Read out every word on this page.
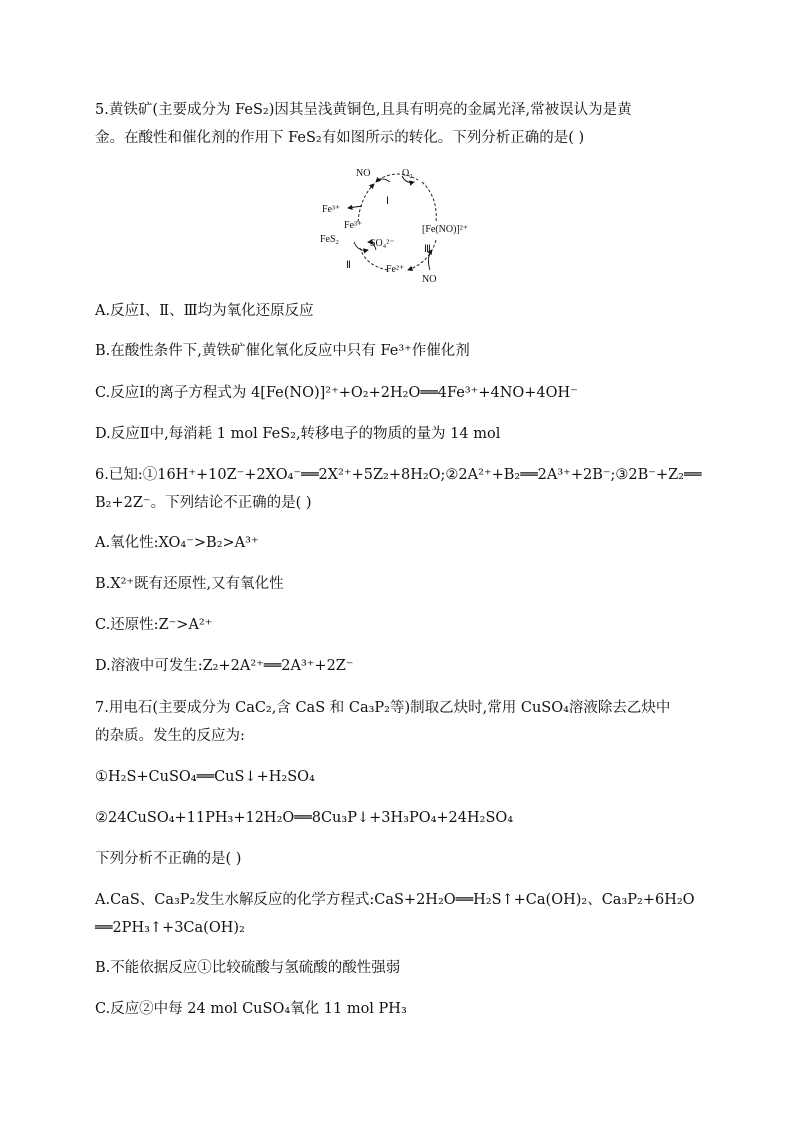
5.黄铁矿(主要成分为 FeS₂)因其呈浅黄铜色,且具有明亮的金属光泽,常被误认为是黄
金。在酸性和催化剂的作用下 FeS₂有如图所示的转化。下列分析正确的是( )
NO	O₂
Fe³⁺
Fe³⁺
Ⅰ
[Fe(NO)]²⁺
Ⅲ
FeS₂	SO₄²⁻
Ⅱ	Fe²⁺
NO
A.反应Ⅰ、Ⅱ、Ⅲ均为氧化还原反应
B.在酸性条件下,黄铁矿催化氧化反应中只有 Fe³⁺作催化剂
C.反应Ⅰ的离子方程式为 4[Fe(NO)]²⁺+O₂+2H₂O══4Fe³⁺+4NO+4OH⁻
D.反应Ⅱ中,每消耗 1 mol FeS₂,转移电子的物质的量为 14 mol
6.已知:①16H⁺+10Z⁻+2XO₄⁻══2X²⁺+5Z₂+8H₂O;②2A²⁺+B₂══2A³⁺+2B⁻;③2B⁻+Z₂══
B₂+2Z⁻。下列结论不正确的是( )
A.氧化性:XO₄⁻>B₂>A³⁺
B.X²⁺既有还原性,又有氧化性
C.还原性:Z⁻>A²⁺
D.溶液中可发生:Z₂+2A²⁺══2A³⁺+2Z⁻
7.用电石(主要成分为 CaC₂,含 CaS 和 Ca₃P₂等)制取乙炔时,常用 CuSO₄溶液除去乙炔中
的杂质。发生的反应为:
①H₂S+CuSO₄══CuS↓+H₂SO₄
②24CuSO₄+11PH₃+12H₂O══8Cu₃P↓+3H₃PO₄+24H₂SO₄
下列分析不正确的是( )
A.CaS、Ca₃P₂发生水解反应的化学方程式:CaS+2H₂O══H₂S↑+Ca(OH)₂、Ca₃P₂+6H₂O
══2PH₃↑+3Ca(OH)₂
B.不能依据反应①比较硫酸与氢硫酸的酸性强弱
C.反应②中每 24 mol CuSO₄氧化 11 mol PH₃
